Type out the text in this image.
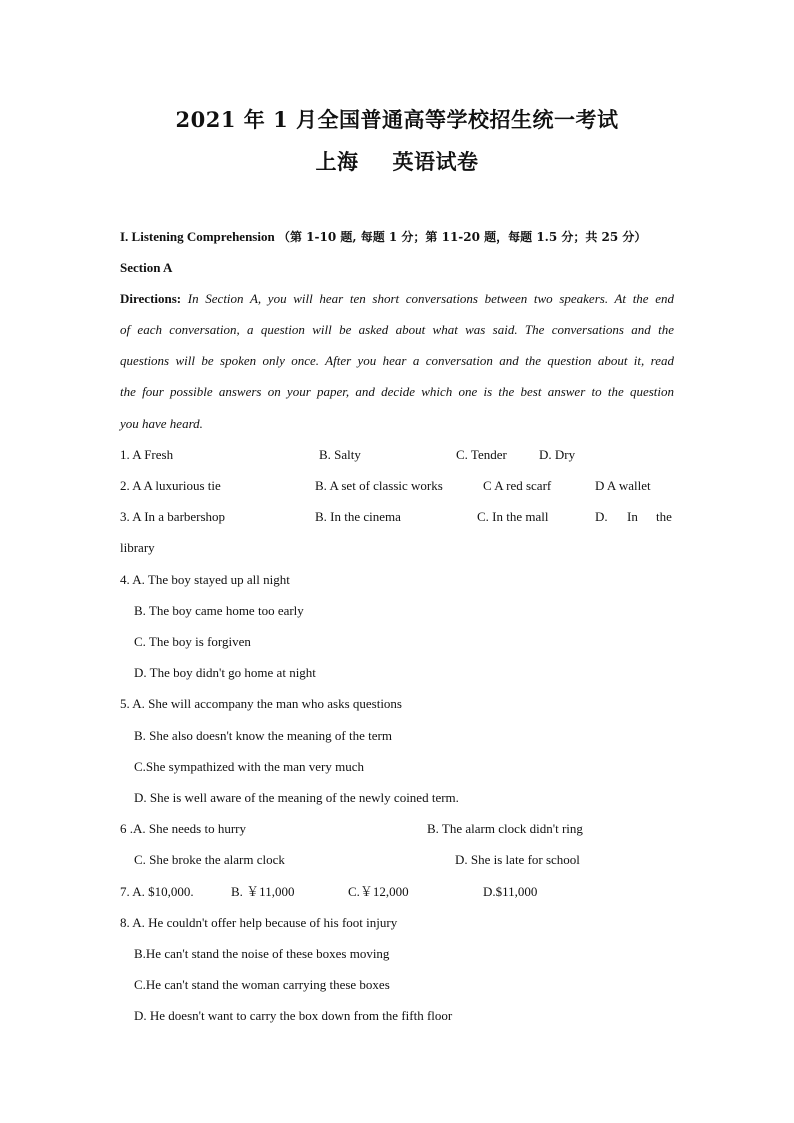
2021 年 1 月全国普通高等学校招生统一考试
上海 英语试卷
I. Listening Comprehension （第 1-10 题, 每题 1 分；第 11-20 题，每题 1.5 分；共 25 分）
Section A
Directions: In Section A, you will hear ten short conversations between two speakers. At the end
of each conversation, a question will be asked about what was said. The conversations and the
questions will be spoken only once. After you hear a conversation and the question about it, read
the four possible answers on your paper, and decide which one is the best answer to the question
you have heard.
1. A Fresh	B. Salty	C. Tender D. Dry
2. A A luxurious tie	B. A set of classic works	C A red scarf	D A wallet
3. A In a barbershop	B. In the cinema	C. In the mall	D. In the
library
4. A. The boy stayed up all night
B. The boy came home too early
C. The boy is forgiven
D. The boy didn't go home at night
5. A. She will accompany the man who asks questions
B. She also doesn't know the meaning of the term
C.She sympathized with the man very much
D. She is well aware of the meaning of the newly coined term.
6 .A. She needs to hurry	B. The alarm clock didn't ring
C. She broke the alarm clock	D. She is late for school
7. A. $10,000.	B. ￥11,000	C.￥12,000	D.$11,000
8. A. He couldn't offer help because of his foot injury
B.He can't stand the noise of these boxes moving
C.He can't stand the woman carrying these boxes
D. He doesn't want to carry the box down from the fifth floor
